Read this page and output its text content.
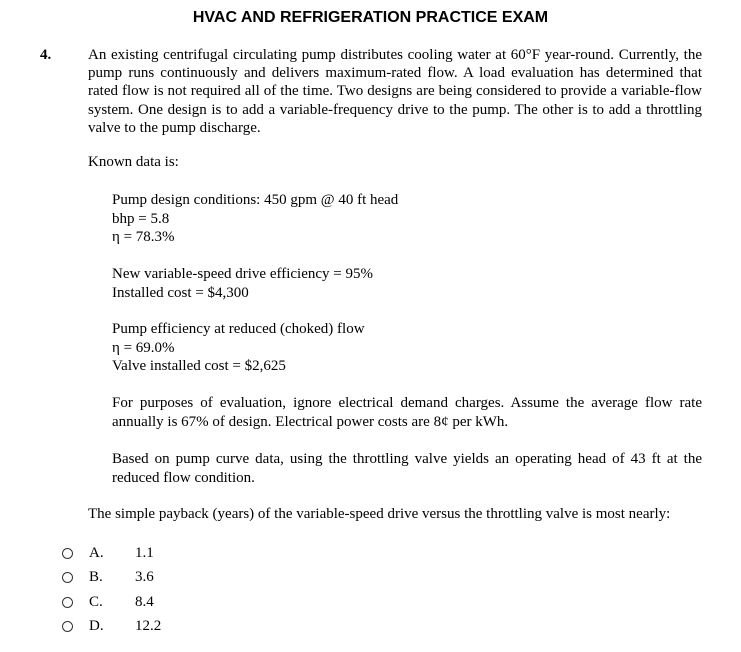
HVAC AND REFRIGERATION PRACTICE EXAM
4. An existing centrifugal circulating pump distributes cooling water at 60°F year-round. Currently, the pump runs continuously and delivers maximum-rated flow. A load evaluation has determined that rated flow is not required all of the time. Two designs are being considered to provide a variable-flow system. One design is to add a variable-frequency drive to the pump. The other is to add a throttling valve to the pump discharge.

Known data is:
Pump design conditions: 450 gpm @ 40 ft head
bhp = 5.8
η = 78.3%
New variable-speed drive efficiency = 95%
Installed cost = $4,300
Pump efficiency at reduced (choked) flow
η = 69.0%
Valve installed cost = $2,625

For purposes of evaluation, ignore electrical demand charges. Assume the average flow rate annually is 67% of design. Electrical power costs are 8¢ per kWh.

Based on pump curve data, using the throttling valve yields an operating head of 43 ft at the reduced flow condition.

The simple payback (years) of the variable-speed drive versus the throttling valve is most nearly:
A. 1.1
B. 3.6
C. 8.4
D. 12.2
